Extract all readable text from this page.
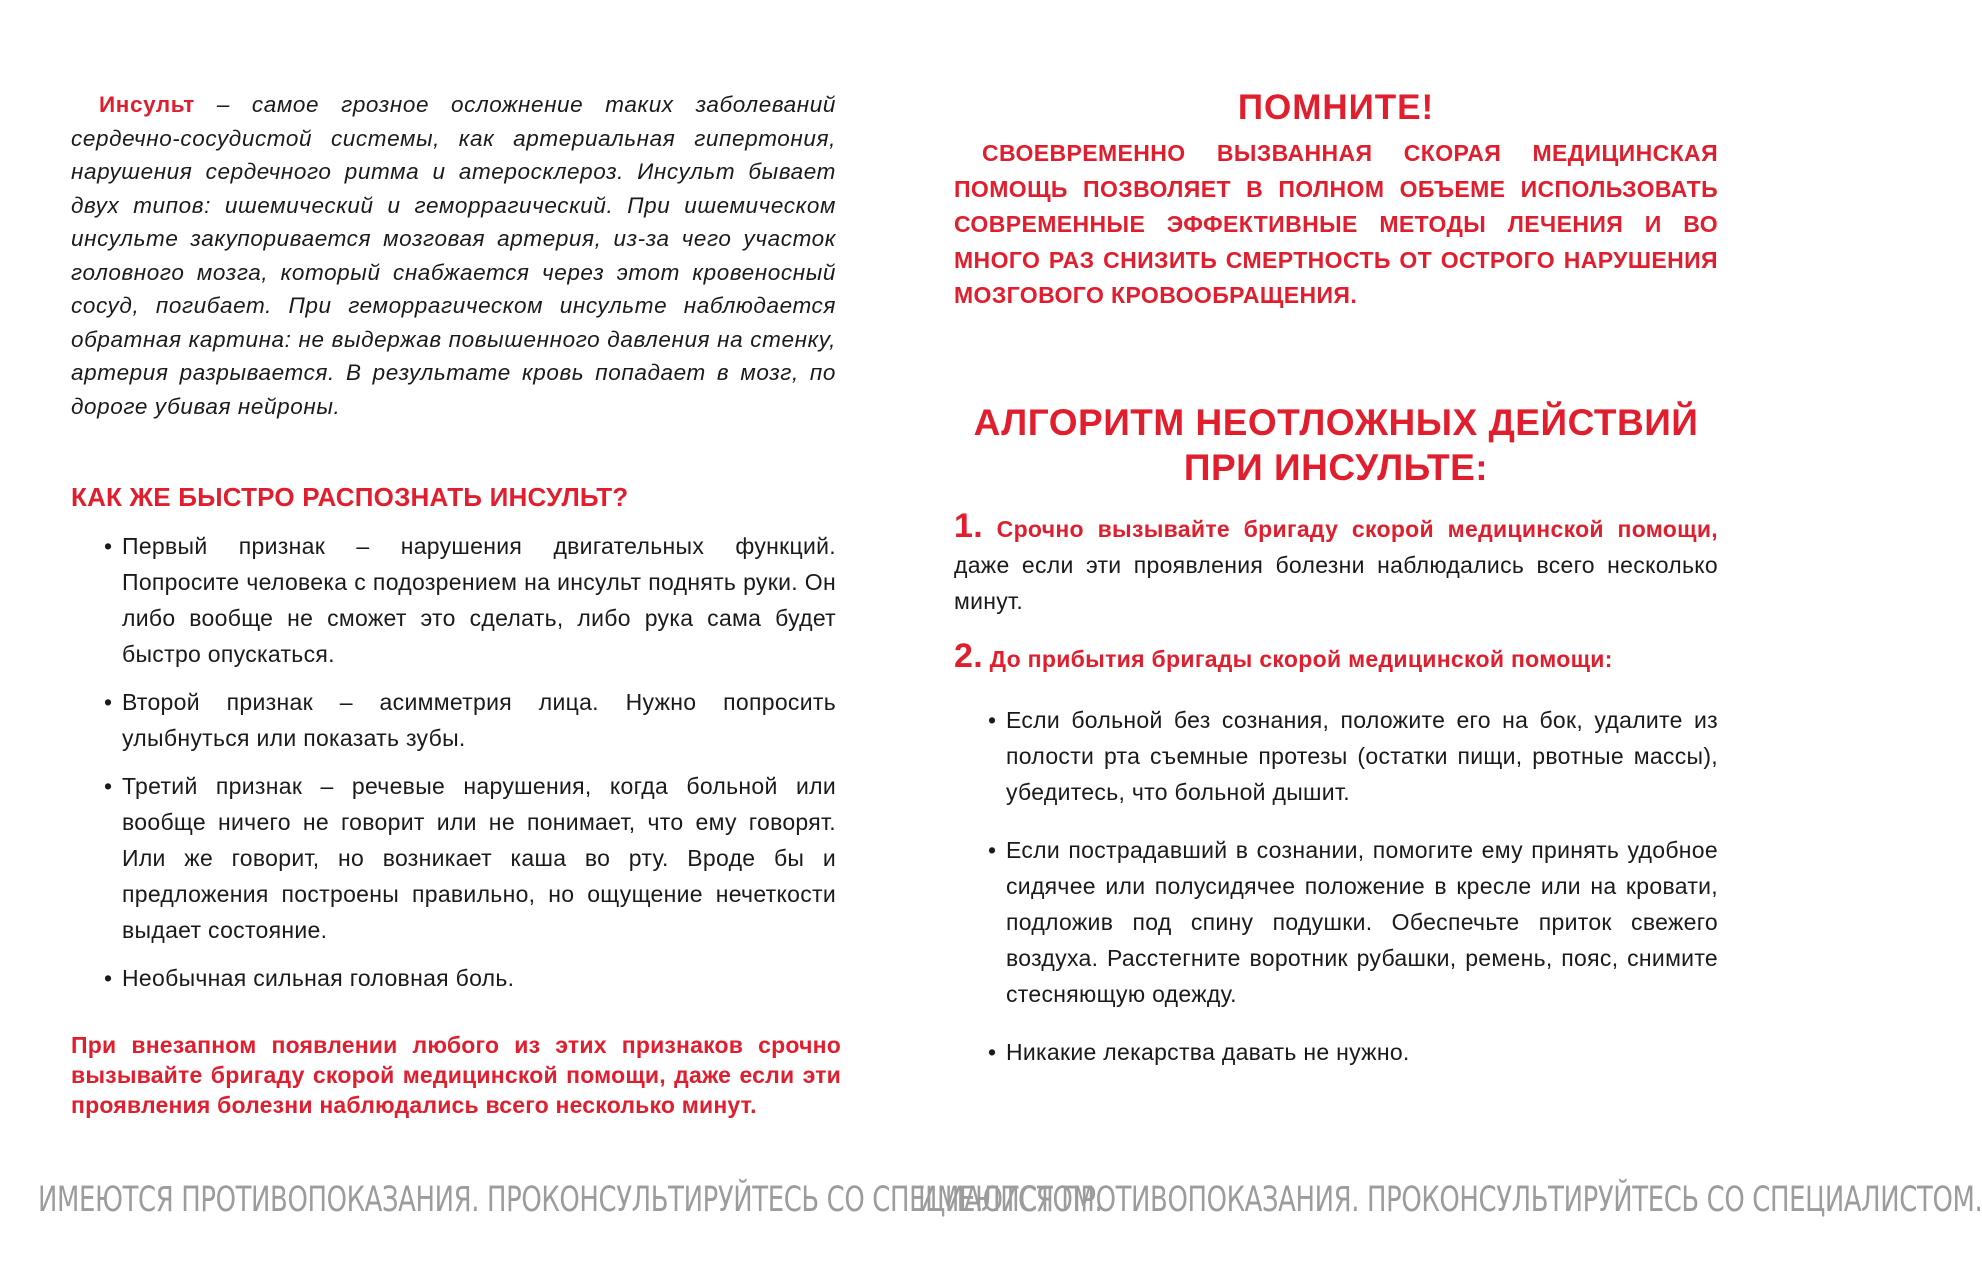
Инсульт – самое грозное осложнение таких заболеваний сердечно-сосудистой системы, как артериальная гипертония, нарушения сердечного ритма и атеросклероз. Инсульт бывает двух типов: ишемический и геморрагический. При ишемическом инсульте закупоривается мозговая артерия, из-за чего участок головного мозга, который снабжается через этот кровеносный сосуд, погибает. При геморрагическом инсульте наблюдается обратная картина: не выдержав повышенного давления на стенку, артерия разрывается. В результате кровь попадает в мозг, по дороге убивая нейроны.

КАК ЖЕ БЫСТРО РАСПОЗНАТЬ ИНСУЛЬТ?
• Первый признак – нарушения двигательных функций. Попросите человека с подозрением на инсульт поднять руки. Он либо вообще не сможет это сделать, либо рука сама будет быстро опускаться.
• Второй признак – асимметрия лица. Нужно попросить улыбнуться или показать зубы.
• Третий признак – речевые нарушения, когда больной или вообще ничего не говорит или не понимает, что ему говорят. Или же говорит, но возникает каша во рту. Вроде бы и предложения построены правильно, но ощущение нечеткости выдает состояние.
• Необычная сильная головная боль.
При внезапном появлении любого из этих признаков срочно вызывайте бригаду скорой медицинской помощи, даже если эти проявления болезни наблюдались всего несколько минут.
ПОМНИТЕ!

СВОЕВРЕМЕННО ВЫЗВАННАЯ СКОРАЯ МЕДИЦИНСКАЯ ПОМОЩЬ ПОЗВОЛЯЕТ В ПОЛНОМ ОБЪЕМЕ ИСПОЛЬЗОВАТЬ СОВРЕМЕННЫЕ ЭФФЕКТИВНЫЕ МЕТОДЫ ЛЕЧЕНИЯ И ВО МНОГО РАЗ СНИЗИТЬ СМЕРТНОСТЬ ОТ ОСТРОГО НАРУШЕНИЯ МОЗГОВОГО КРОВООБРАЩЕНИЯ.

АЛГОРИТМ НЕОТЛОЖНЫХ ДЕЙСТВИЙ
ПРИ ИНСУЛЬТЕ:
1. Срочно вызывайте бригаду скорой медицинской помощи, даже если эти проявления болезни наблюдались всего несколько минут.
2. До прибытия бригады скорой медицинской помощи:
• Если больной без сознания, положите его на бок, удалите из полости рта съемные протезы (остатки пищи, рвотные массы), убедитесь, что больной дышит.
• Если пострадавший в сознании, помогите ему принять удобное сидячее или полусидячее положение в кресле или на кровати, подложив под спину подушки. Обеспечьте приток свежего воздуха. Расстегните воротник рубашки, ремень, пояс, снимите стесняющую одежду.
• Никакие лекарства давать не нужно.
ИМЕЮТСЯ ПРОТИВОПОКАЗАНИЯ. ПРОКОНСУЛЬТИРУЙТЕСЬ СО СПЕЦИАЛИСТОМ.
ИМЕЮТСЯ ПРОТИВОПОКАЗАНИЯ. ПРОКОНСУЛЬТИРУЙТЕСЬ СО СПЕЦИАЛИСТОМ.
